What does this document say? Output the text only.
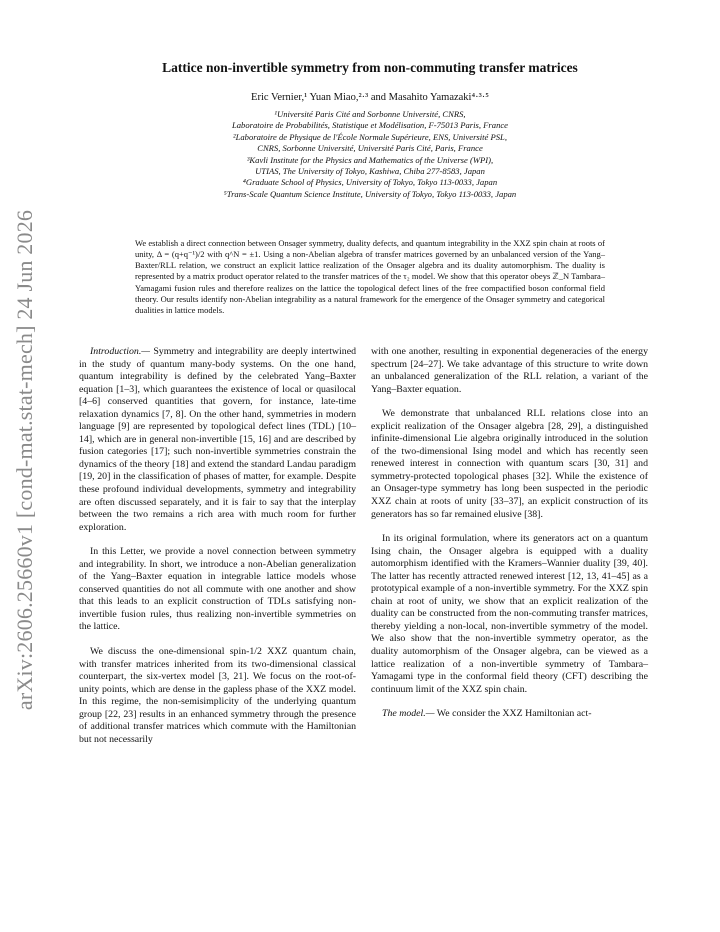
arXiv:2606.25660v1 [cond-mat.stat-mech] 24 Jun 2026
Lattice non-invertible symmetry from non-commuting transfer matrices
Eric Vernier,¹ Yuan Miao,²·³ and Masahito Yamazaki⁴·³·⁵
¹Université Paris Cité and Sorbonne Université, CNRS,
Laboratoire de Probabilités, Statistique et Modélisation, F-75013 Paris, France
²Laboratoire de Physique de l'École Normale Supérieure, ENS, Université PSL,
CNRS, Sorbonne Université, Université Paris Cité, Paris, France
³Kavli Institute for the Physics and Mathematics of the Universe (WPI),
UTIAS, The University of Tokyo, Kashiwa, Chiba 277-8583, Japan
⁴Graduate School of Physics, University of Tokyo, Tokyo 113-0033, Japan
⁵Trans-Scale Quantum Science Institute, University of Tokyo, Tokyo 113-0033, Japan
We establish a direct connection between Onsager symmetry, duality defects, and quantum integrability in the XXZ spin chain at roots of unity, Δ = (q+q⁻¹)/2 with q^N = ±1. Using a non-Abelian algebra of transfer matrices governed by an unbalanced version of the Yang–Baxter/RLL relation, we construct an explicit lattice realization of the Onsager algebra and its duality automorphism. The duality is represented by a matrix product operator related to the transfer matrices of the τ₂ model. We show that this operator obeys ℤ_N Tambara–Yamagami fusion rules and therefore realizes on the lattice the topological defect lines of the free compactified boson conformal field theory. Our results identify non-Abelian integrability as a natural framework for the emergence of the Onsager symmetry and categorical dualities in lattice models.

Introduction.— Symmetry and integrability are deeply intertwined in the study of quantum many-body systems. On the one hand, quantum integrability is defined by the celebrated Yang–Baxter equation [1–3], which guarantees the existence of local or quasilocal [4–6] conserved quantities that govern, for instance, late-time relaxation dynamics [7, 8]. On the other hand, symmetries in modern language [9] are represented by topological defect lines (TDL) [10–14], which are in general non-invertible [15, 16] and are described by fusion categories [17]; such non-invertible symmetries constrain the dynamics of the theory [18] and extend the standard Landau paradigm [19, 20] in the classification of phases of matter, for example. Despite these profound individual developments, symmetry and integrability are often discussed separately, and it is fair to say that the interplay between the two remains a rich area with much room for further exploration.

In this Letter, we provide a novel connection between symmetry and integrability. In short, we introduce a non-Abelian generalization of the Yang–Baxter equation in integrable lattice models whose conserved quantities do not all commute with one another and show that this leads to an explicit construction of TDLs satisfying non-invertible fusion rules, thus realizing non-invertible symmetries on the lattice.

We discuss the one-dimensional spin-1/2 XXZ quantum chain, with transfer matrices inherited from its two-dimensional classical counterpart, the six-vertex model [3, 21]. We focus on the root-of-unity points, which are dense in the gapless phase of the XXZ model. In this regime, the non-semisimplicity of the underlying quantum group [22, 23] results in an enhanced symmetry through the presence of additional transfer matrices which commute with the Hamiltonian but not necessarily

with one another, resulting in exponential degeneracies of the energy spectrum [24–27]. We take advantage of this structure to write down an unbalanced generalization of the RLL relation, a variant of the Yang–Baxter equation.

We demonstrate that unbalanced RLL relations close into an explicit realization of the Onsager algebra [28, 29], a distinguished infinite-dimensional Lie algebra originally introduced in the solution of the two-dimensional Ising model and which has recently seen renewed interest in connection with quantum scars [30, 31] and symmetry-protected topological phases [32]. While the existence of an Onsager-type symmetry has long been suspected in the periodic XXZ chain at roots of unity [33–37], an explicit construction of its generators has so far remained elusive [38].

In its original formulation, where its generators act on a quantum Ising chain, the Onsager algebra is equipped with a duality automorphism identified with the Kramers–Wannier duality [39, 40]. The latter has recently attracted renewed interest [12, 13, 41–45] as a prototypical example of a non-invertible symmetry. For the XXZ spin chain at root of unity, we show that an explicit realization of the duality can be constructed from the non-commuting transfer matrices, thereby yielding a non-local, non-invertible symmetry of the model. We also show that the non-invertible symmetry operator, as the duality automorphism of the Onsager algebra, can be viewed as a lattice realization of a non-invertible symmetry of Tambara–Yamagami type in the conformal field theory (CFT) describing the continuum limit of the XXZ spin chain.

The model.— We consider the XXZ Hamiltonian act-
